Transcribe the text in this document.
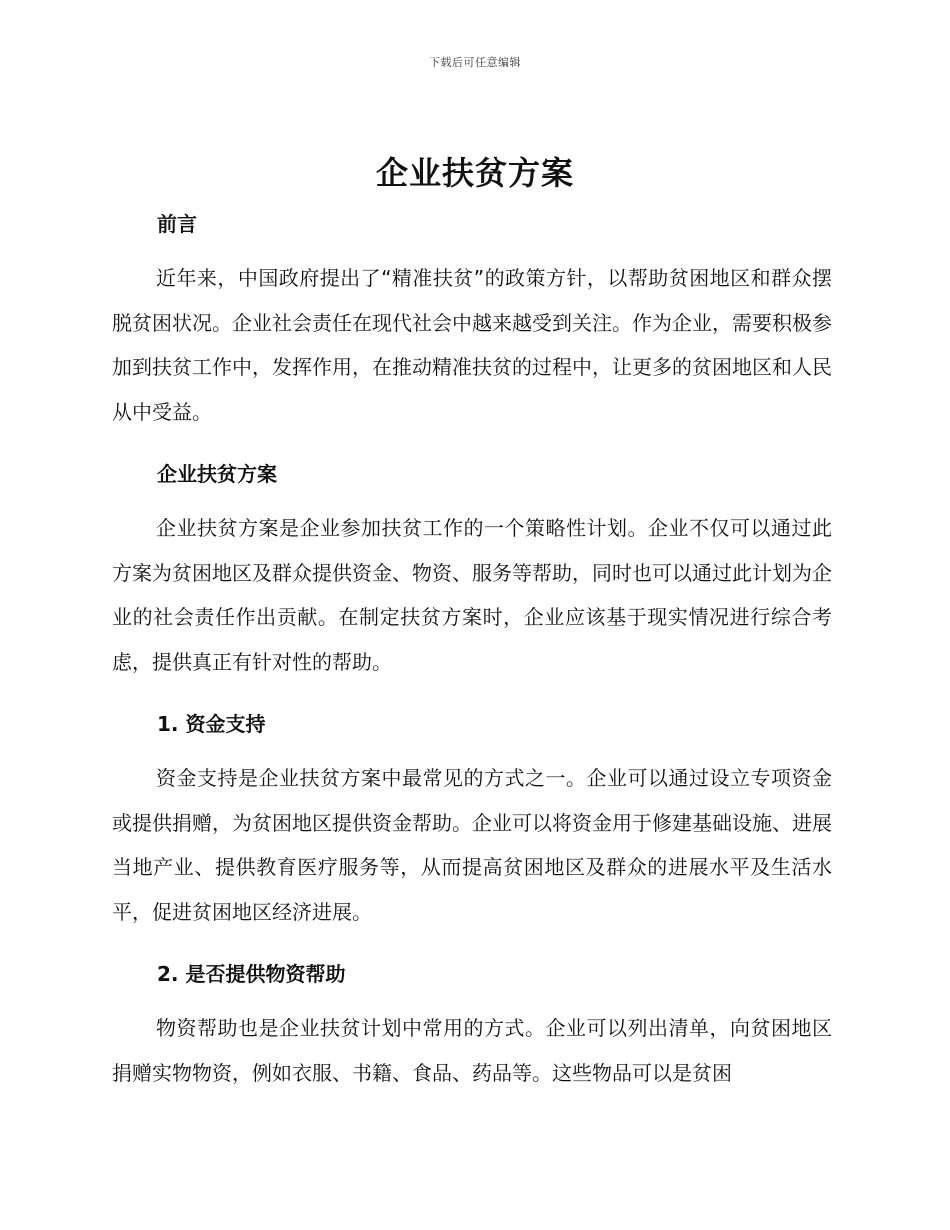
下载后可任意编辑
企业扶贫方案
前言
近年来，中国政府提出了“精准扶贫”的政策方针，以帮助贫困地区和群众摆脱贫困状况。企业社会责任在现代社会中越来越受到关注。作为企业，需要积极参加到扶贫工作中，发挥作用，在推动精准扶贫的过程中，让更多的贫困地区和人民从中受益。
企业扶贫方案
企业扶贫方案是企业参加扶贫工作的一个策略性计划。企业不仅可以通过此方案为贫困地区及群众提供资金、物资、服务等帮助，同时也可以通过此计划为企业的社会责任作出贡献。在制定扶贫方案时，企业应该基于现实情况进行综合考虑，提供真正有针对性的帮助。
1. 资金支持
资金支持是企业扶贫方案中最常见的方式之一。企业可以通过设立专项资金或提供捐赠，为贫困地区提供资金帮助。企业可以将资金用于修建基础设施、进展当地产业、提供教育医疗服务等，从而提高贫困地区及群众的进展水平及生活水平，促进贫困地区经济进展。
2. 是否提供物资帮助
物资帮助也是企业扶贫计划中常用的方式。企业可以列出清单，向贫困地区捐赠实物物资，例如衣服、书籍、食品、药品等。这些物品可以是贫困
